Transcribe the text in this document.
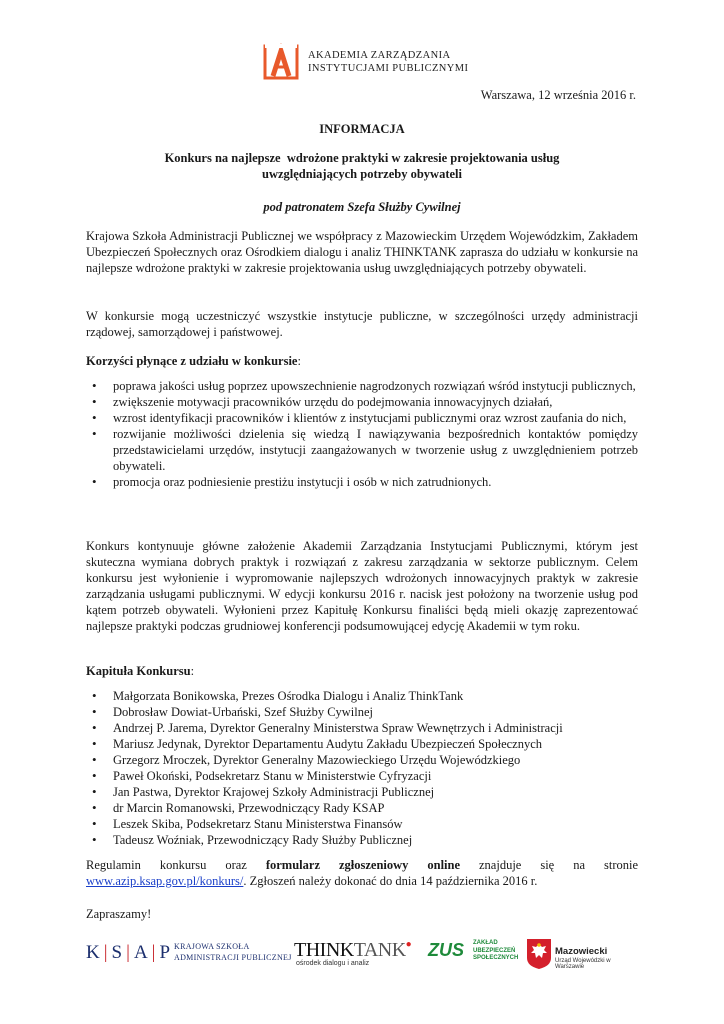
AKADEMIA ZARZĄDZANIA
INSTYTUCJAMI PUBLICZNYMI
Warszawa, 12 września 2016 r.
INFORMACJA
Konkurs na najlepsze  wdrożone praktyki w zakresie projektowania usług
uwzględniających potrzeby obywateli
pod patronatem Szefa Służby Cywilnej

Krajowa Szkoła Administracji Publicznej we współpracy z Mazowieckim Urzędem Wojewódzkim, Zakładem Ubezpieczeń Społecznych oraz Ośrodkiem dialogu i analiz THINKTANK zaprasza do udziału w konkursie na najlepsze wdrożone praktyki w zakresie projektowania usług uwzględniających potrzeby obywateli.

W konkursie mogą uczestniczyć wszystkie instytucje publiczne, w szczególności urzędy administracji rządowej, samorządowej i państwowej.

Korzyści płynące z udziału w konkursie:
• poprawa jakości usług poprzez upowszechnienie nagrodzonych rozwiązań wśród instytucji publicznych,
• zwiększenie motywacji pracowników urzędu do podejmowania innowacyjnych działań,
• wzrost identyfikacji pracowników i klientów z instytucjami publicznymi oraz wzrost zaufania do nich,
• rozwijanie możliwości dzielenia się wiedzą I nawiązywania bezpośrednich kontaktów pomiędzy przedstawicielami urzędów, instytucji zaangażowanych w tworzenie usług z uwzględnieniem potrzeb obywateli.
• promocja oraz podniesienie prestiżu instytucji i osób w nich zatrudnionych.

Konkurs kontynuuje główne założenie Akademii Zarządzania Instytucjami Publicznymi, którym jest skuteczna wymiana dobrych praktyk i rozwiązań z zakresu zarządzania w sektorze publicznym. Celem konkursu jest wyłonienie i wypromowanie najlepszych wdrożonych innowacyjnych praktyk w zakresie zarządzania usługami publicznymi. W edycji konkursu 2016 r. nacisk jest położony na tworzenie usług pod kątem potrzeb obywateli. Wyłonieni przez Kapitułę Konkursu finaliści będą mieli okazję zaprezentować najlepsze praktyki podczas grudniowej konferencji podsumowującej edycję Akademii w tym roku.

Kapituła Konkursu:
• Małgorzata Bonikowska, Prezes Ośrodka Dialogu i Analiz ThinkTank
• Dobrosław Dowiat-Urbański, Szef Służby Cywilnej
• Andrzej P. Jarema, Dyrektor Generalny Ministerstwa Spraw Wewnętrzych i Administracji
• Mariusz Jedynak, Dyrektor Departamentu Audytu Zakładu Ubezpieczeń Społecznych
• Grzegorz Mroczek, Dyrektor Generalny Mazowieckiego Urzędu Wojewódzkiego
• Paweł Okoński, Podsekretarz Stanu w Ministerstwie Cyfryzacji
• Jan Pastwa, Dyrektor Krajowej Szkoły Administracji Publicznej
• dr Marcin Romanowski, Przewodniczący Rady KSAP
• Leszek Skiba, Podsekretarz Stanu Ministerstwa Finansów
• Tadeusz Woźniak, Przewodniczący Rady Służby Publicznej

Regulamin konkursu oraz formularz zgłoszeniowy online znajduje się na stronie www.azip.ksap.gov.pl/konkurs/. Zgłoszeń należy dokonać do dnia 14 października 2016 r.

Zapraszamy!
K | S | A | P KRAJOWA SZKOŁA
ADMINISTRACJI PUBLICZNEJ THINKTANK●
ośrodek dialogu i analiz
ZUS ZAKŁAD
UBEZPIECZEŃ
SPOŁECZNYCH
Mazowiecki
Urząd Wojewódzki w Warszawie
